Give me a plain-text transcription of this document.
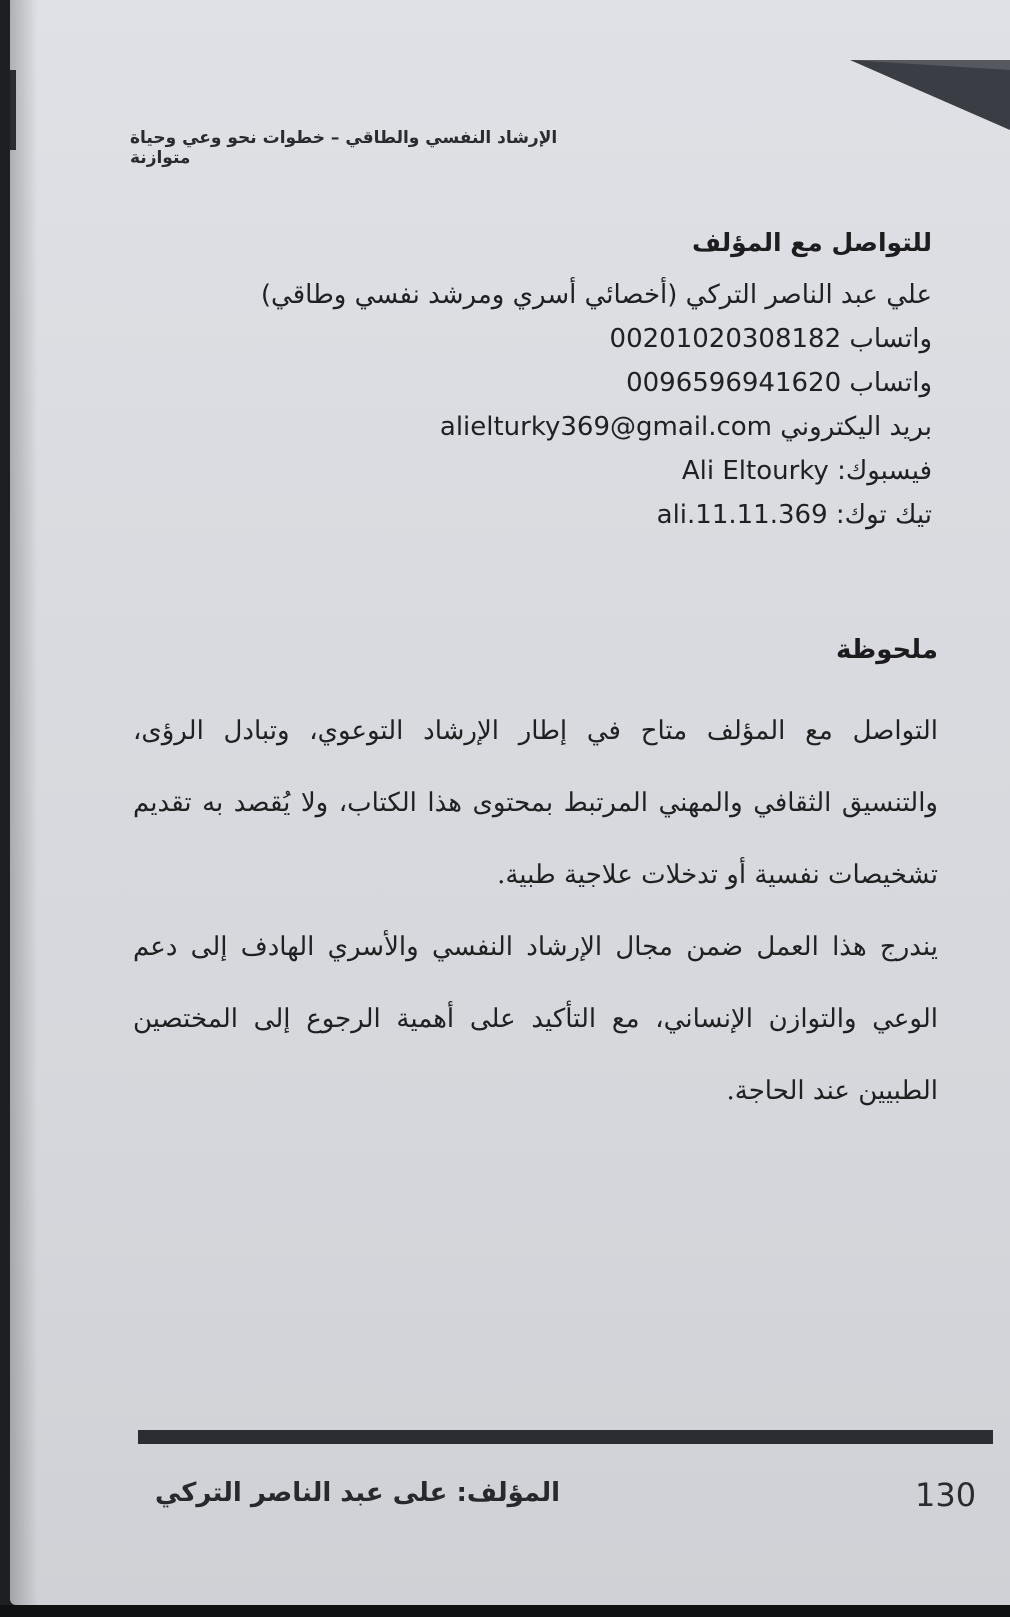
الإرشاد النفسي والطاقي – خطوات نحو وعي وحياة متوازنة
للتواصل مع المؤلف
علي عبد الناصر التركي (أخصائي أسري ومرشد نفسي وطاقي)
واتساب 00201020308182
واتساب 0096596941620
بريد اليكتروني alielturky369@gmail.com
فيسبوك: Ali Eltourky
تيك توك: ali.11.11.369
ملحوظة

التواصل مع المؤلف متاح في إطار الإرشاد التوعوي، وتبادل الرؤى، والتنسيق الثقافي والمهني المرتبط بمحتوى هذا الكتاب، ولا يُقصد به تقديم تشخيصات نفسية أو تدخلات علاجية طبية.

يندرج هذا العمل ضمن مجال الإرشاد النفسي والأسري الهادف إلى دعم الوعي والتوازن الإنساني، مع التأكيد على أهمية الرجوع إلى المختصين الطبيين عند الحاجة.

المؤلف: على عبد الناصر التركي	130
